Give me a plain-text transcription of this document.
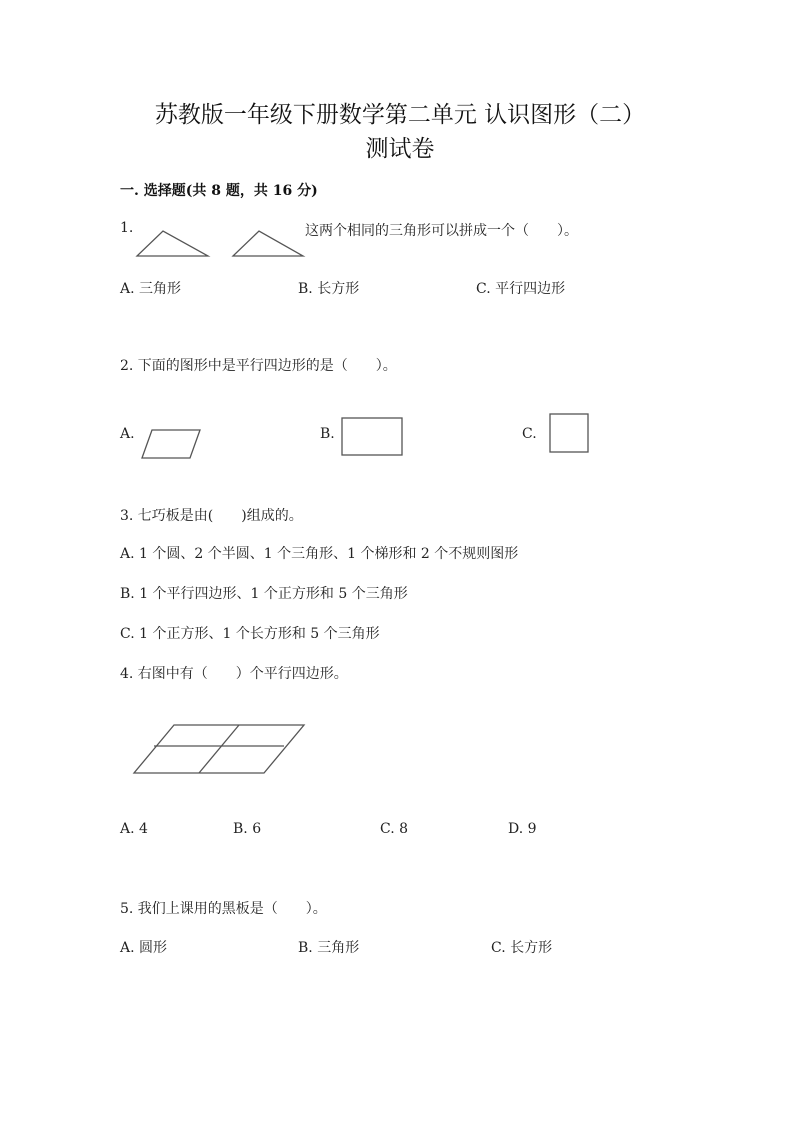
苏教版一年级下册数学第二单元 认识图形（二）
测试卷
一. 选择题(共 8 题，共 16 分)
1.	这两个相同的三角形可以拼成一个（　　）。
A. 三角形	B. 长方形	C. 平行四边形
2. 下面的图形中是平行四边形的是（　　）。
A.	B.	C.
3. 七巧板是由(　　)组成的。
A. 1 个圆、2 个半圆、1 个三角形、1 个梯形和 2 个不规则图形
B. 1 个平行四边形、1 个正方形和 5 个三角形
C. 1 个正方形、1 个长方形和 5 个三角形
4. 右图中有（　　）个平行四边形。
A. 4	B. 6	C. 8	D. 9
5. 我们上课用的黑板是（　　）。
A. 圆形	B. 三角形	C. 长方形
